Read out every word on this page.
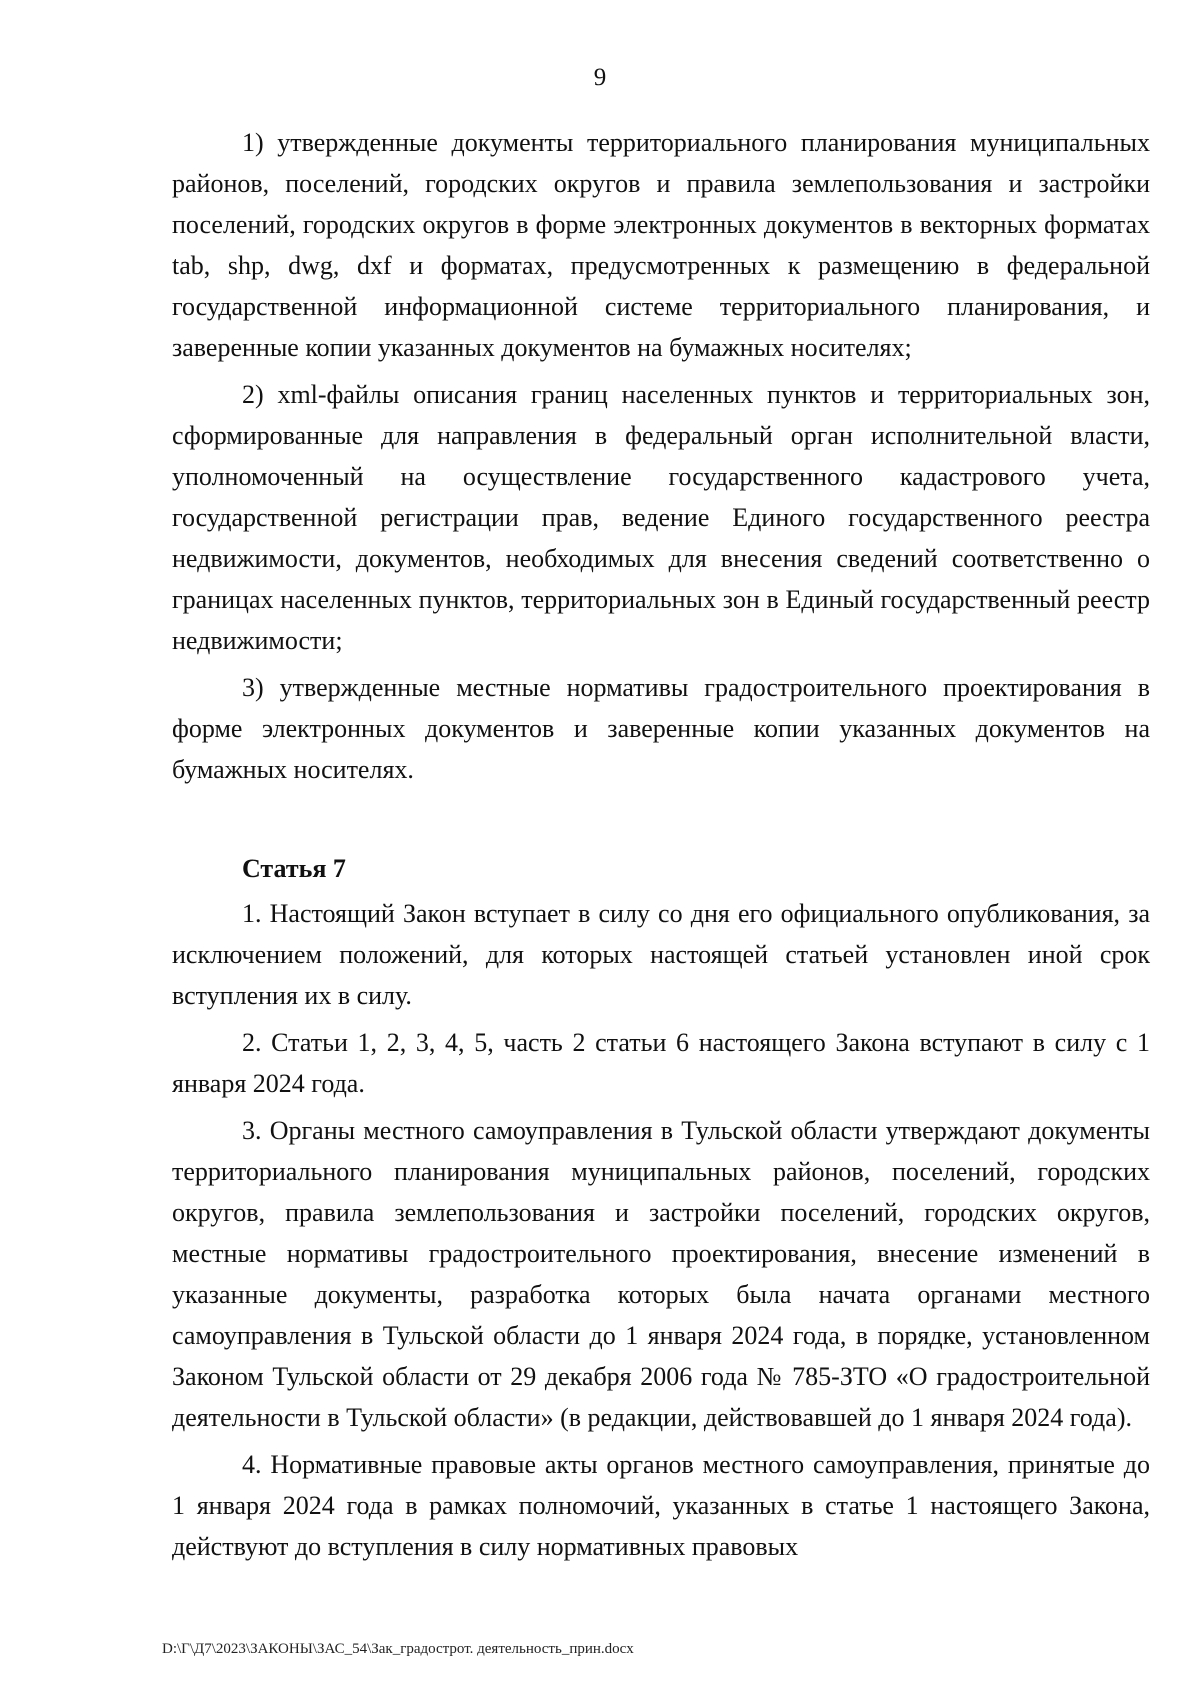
9

1) утвержденные документы территориального планирования муниципальных районов, поселений, городских округов и правила землепользования и застройки поселений, городских округов в форме электронных документов в векторных форматах tab, shp, dwg, dxf и форматах, предусмотренных к размещению в федеральной государственной информационной системе территориального планирования, и заверенные копии указанных документов на бумажных носителях;

2) xml-файлы описания границ населенных пунктов и территориальных зон, сформированные для направления в федеральный орган исполнительной власти, уполномоченный на осуществление государственного кадастрового учета, государственной регистрации прав, ведение Единого государственного реестра недвижимости, документов, необходимых для внесения сведений соответственно о границах населенных пунктов, территориальных зон в Единый государственный реестр недвижимости;

3) утвержденные местные нормативы градостроительного проектирования в форме электронных документов и заверенные копии указанных документов на бумажных носителях.

Статья 7

1. Настоящий Закон вступает в силу со дня его официального опубликования, за исключением положений, для которых настоящей статьей установлен иной срок вступления их в силу.

2. Статьи 1, 2, 3, 4, 5, часть 2 статьи 6 настоящего Закона вступают в силу с 1 января 2024 года.

3. Органы местного самоуправления в Тульской области утверждают документы территориального планирования муниципальных районов, поселений, городских округов, правила землепользования и застройки поселений, городских округов, местные нормативы градостроительного проектирования, внесение изменений в указанные документы, разработка которых была начата органами местного самоуправления в Тульской области до 1 января 2024 года, в порядке, установленном Законом Тульской области от 29 декабря 2006 года № 785-ЗТО «О градостроительной деятельности в Тульской области» (в редакции, действовавшей до 1 января 2024 года).

4. Нормативные правовые акты органов местного самоуправления, принятые до 1 января 2024 года в рамках полномочий, указанных в статье 1 настоящего Закона, действуют до вступления в силу нормативных правовых

D:\Г\Д7\2023\ЗАКОНЫ\ЗАС_54\Зак_градострот. деятельность_прин.docx
